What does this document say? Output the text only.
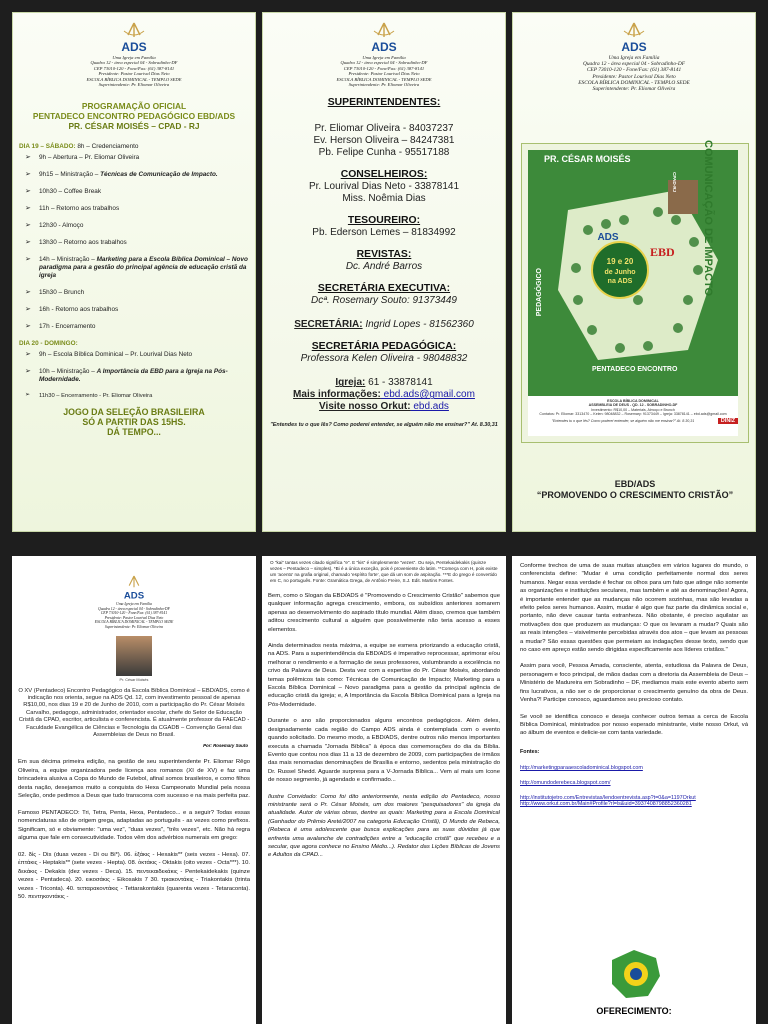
ADS
Uma Igreja em Família
Quadra 12 - área especial 04 - Sobradinho-DF
CEP 73010-120 - Fone/Fax: (61) 387-8141
Presidente: Pastor Lourival Dias Neto
ESCOLA BÍBLICA DOMINICAL - TEMPLO SEDE
Superintendente: Pr. Eliomar Oliveira
PROGRAMAÇÃO OFICIAL
PENTADECO ENCONTRO PEDAGÓGICO EBD/ADS
PR. CÉSAR MOISÉS – CPAD - RJ
DIA 19 – SÁBADO: 8h – Credenciamento
➢ 9h – Abertura – Pr. Eliomar Oliveira
➢ 9h15 – Ministração – Técnicas de Comunicação de Impacto.
➢ 10h30 – Coffee Break
➢ 11h – Retorno aos trabalhos
➢ 12h30 - Almoço
➢ 13h30 – Retorno aos trabalhos
➢ 14h – Ministração – Marketing para a Escola Bíblica Dominical – Novo paradigma para a gestão do principal agência de educação cristã da igreja
➢ 15h30 – Brunch
➢ 16h - Retorno aos trabalhos
➢ 17h - Encerramento
DIA 20 - DOMINGO:
➢ 9h – Escola Bíblica Dominical – Pr. Lourival Dias Neto
➢ 10h – Ministração – A Importância da EBD para a Igreja na Pós-Modernidade.
➢ 11h30 – Encerramento - Pr. Eliomar Oliveira
JOGO DA SELEÇÃO BRASILEIRA
SÓ A PARTIR DAS 15HS.
DÁ TEMPO...
ADS
Uma Igreja em Família
Quadra 12 - área especial 04 - Sobradinho-DF
CEP 73010-120 - Fone/Fax: (61) 387-8141
Presidente: Pastor Lourival Dias Neto
ESCOLA BÍBLICA DOMINICAL - TEMPLO SEDE
Superintendente: Pr. Eliomar Oliveira
SUPERINTENDENTES:
Pr. Eliomar Oliveira - 84037237
Ev. Herson Oliveira – 84247381
Pb. Felipe Cunha - 95517188
CONSELHEIROS:
Pr. Lourival Dias Neto - 33878141
Miss. Noêmia Dias
TESOUREIRO:
Pb. Ederson Lemes – 81834992
REVISTAS:
Dc. André Barros
SECRETÁRIA EXECUTIVA:
Dcª. Rosemary Souto: 91373449
SECRETÁRIA: Ingrid Lopes - 81562360
SECRETÁRIA PEDAGÓGICA:
Professora Kelen Oliveira - 98048832
Igreja: 61 - 33878141
Mais informações: ebd.ads@gmail.com
Visite nosso Orkut: ebd.ads
"Entendes tu o que lês? Como poderei entender, se alguém não me ensinar?" At. 8.30,31
ADS
Uma Igreja em Família
Quadra 12 - área especial 04 - Sobradinho-DF
CEP 73010-120 - Fone/Fax: (61) 387-8141
Presidente: Pastor Lourival Dias Neto
ESCOLA BÍBLICA DOMINICAL - TEMPLO SEDE
Superintendente: Pr. Eliomar Oliveira
19 e 20
de Junho
na ADS
ADS
EBD
PR. CÉSAR MOISÉS
CPAD-RJ COMUNICAÇÃO DE IMPACTO
PEDAGÓGICO
PENTADECO ENCONTRO
ESCOLA BÍBLICA DOMINICAL
ASSEMBLEIA DE DEUS - QD. 12 - SOBRADINHO-DF
Investimento: R$10,00 – Materiais, Almoço e Brunch
Contatos: Pr. Eliomar: 3313470 – Kelen: 98048832 – Rosemary: 91373449 – Igreja: 33878141 – ebd.ads@gmail.com
"Entendes tu o que lês? Como poderei entender, se alguém não me ensinar?" At. 8.30,31	DINIZ
EBD/ADS
“PROMOVENDO O CRESCIMENTO CRISTÃO”
ADS
Uma Igreja em Família
Quadra 12 - área especial 04 - Sobradinho-DF
CEP 73010-120 - Fone/Fax: (61) 387-8141
Presidente: Pastor Lourival Dias Neto
ESCOLA BÍBLICA DOMINICAL - TEMPLO SEDE
Superintendente: Pr. Eliomar Oliveira
Pr. César Moisés
O XV (Pentadeco) Encontro Pedagógico da Escola Bíblica Dominical – EBD/ADS, como é indicação nos orienta, segue na ADS Qd. 12, com investimento pessoal de apenas R$10,00, nos dias 19 e 20 de Junho de 2010, com a participação do Pr. César Moisés Carvalho, pedagogo, administrador, orientador escolar, chefe do Setor de Educação Cristã da CPAD, escritor, articulista e conferencista. É atualmente professor da FAECAD - Faculdade Evangélica de Ciências e Tecnologia da CGADB – Convenção Geral das Assembleias de Deus no Brasil.
Por: Rosemary Souto
Em sua décima primeira edição, na gestão de seu superintendente Pr. Eliomar Rêgo Oliveira, a equipe organizadora pede licença aos romanos (XI de XV) e faz uma brincadeira alusiva a Copa do Mundo de Futebol, afinal somos brasileiros, e como filhos desta nação, desejamos muito a conquista do Hexa Campeonato Mundial pela nossa Seleção, onde pedimos a Deus que tudo transcorra com sucesso e na mais perfeita paz.
Famoso PENTADECO: Tri, Tetra, Penta, Hexa, Pentadeco... e a seguir? Todas essas nomenclaturas são de origem grega, adaptadas ao português - as vezes como prefixos. Significam, só e obviamente: "uma vez", "duas vezes", "três vezes", etc. Não há regra alguma que fale em consecutividade. Todos vêm dos advérbios numerais em grego:
02. δίς - Dis (duas vezes - Di ou Bi*). 06. ἑξάκις - Hexakis** (seis vezes - Hexa). 07. ἑπτάκις - Heptakis** (sete vezes - Hepta). 08. ὀκτάκις - Oktakis (oito vezes - Octa***). 10. δεκάκις - Dekakis (dez vezes - Deca). 15. πεντεκαιδεκάκις - Pentekaidekakis (quinze vezes - Pentadeca). 20. εικοσάκις - Eikosakis 7 30. τριακοντάκις - Triakontakis (trinta vezes - Triconta). 40. τετταρακοντάκις - Tettarakontakis (quarenta vezes - Tetaraconta). 50. πεντηκοντάκις -
O "kai" tantas vezes citado significa "e". E "kis" é simplesmente "vezes". Ou seja, Pentekaidekakis (quinze vezes – Pentadeco – simples). *Bi é a única exceção, pois é proveniente do latim. **Começa com H, pois existe um 'acento' na grafia original, chamado 'espírito forte', que dá um som de aspiração. ***E do grego é convertido em C, no português. Fonte: Gramática Grega, de Antônio Freire, S.J. Edit. Martins Fontes.
Bem, como o Slogan da EBD/ADS é "Promovendo o Crescimento Cristão" sabemos que qualquer informação agrega crescimento, embora, os subsídios anteriores somarem apenas ao desenvolvimento do aspirado título mundial. Além disso, cremos que também aditou crescimento cultural a alguém que possivelmente não teria acesso a esses elementos.
Ainda determinados nesta máxima, a equipe se esmera priorizando a educação cristã, na ADS. Para a superintendência da EBD/ADS é imperativo reprocessar, aprimorar e/ou melhorar o rendimento e a formação de seus professores, vislumbrando a excelência no crivo da Palavra de Deus. Desta vez com a expertise do Pr. César Moisés, abordando temas polêmicos tais como: Técnicas de Comunicação de Impacto; Marketing para a Escola Bíblica Dominical – Novo paradigma para a gestão da principal agência de educação cristã da igreja; e, A Importância da Escola Bíblica Dominical para a Igreja na Pós-Modernidade.
Durante o ano são proporcionados alguns encontros pedagógicos. Além deles, designadamente cada região do Campo ADS ainda é contemplada com o evento quando solicitado. Do mesmo modo, a EBD/ADS, dentre outros não menos importantes executa a chamada "Jornada Bíblica" à época das comemorações do dia da Bíblia. Evento que contou nos dias 11 a 13 de dezembro de 2009, com participações de irmãos das mais renomadas denominações de Brasília e entorno, sedentos pela ministração do Dr. Russel Shedd. Aguarde surpresa para a V-Jornada Bíblica... Vem aí mais um ícone de nosso segmento, já agendado e confirmado...
Ilustre Convidado: Como foi dito anteriormente, nesta edição do Pentadeco, nosso ministrante será o Pr. César Moisés, um dos maiores "pesquisadores" da igreja da atualidade. Autor de várias obras, dentre as quais: Marketing para a Escola Dominical (Ganhador do Prêmio Areté/2007 na categoria Educação Cristã), O Mundo de Rebeca, (Rebeca é uma adolescente que busca explicações para as suas dúvidas já que enfrenta uma avalanche de contradições entre a "educação cristã" que recebeu e a secular, que agora conhece no Ensino Médio...). Redator das Lições Bíblicas de Jovens e Adultos da CPAD...
Conforme trechos de uma de suas muitas atuações em vários lugares do mundo, o conferencista define: "Mudar é uma condição perfeitamente normal dos seres humanos. Negar essa verdade é fechar os olhos para um fato que atinge não somente as organizações e instituições seculares, mas também e até as denominações! Agora, é importante entender que as mudanças não ocorrem sozinhas, mas são levadas a efeito pelos seres humanos. Assim, mudar é algo que faz parte da dinâmica social e, portanto, não deve causar tanta estranheza. Não obstante, é preciso aquilatar as motivações dos que produzem as mudanças: O que os levaram a mudar? Quais são as reais intenções – visivelmente percebidas através dos atos – que levam as pessoas a mudar? São essas questões que permeiam as indagações desse texto, sendo que no caso em apreço estão sendo dirigidas especificamente aos líderes cristãos."
Assim para você, Pessoa Amada, consciente, atenta, estudiosa da Palavra de Deus, personagem e foco principal, de mãos dadas com a diretoria da Assembleia de Deus – Ministério de Madureira em Sobradinho – DF, mediamos mais este evento aberto sem fins lucrativos, a não ser o de proporcionar o crescimento genuíno da obra de Deus. Venha?! Participe conosco, aguardamos seu precioso contato.
Se você se identifica conosco e deseja conhecer outros temas a cerca de Escola Bíblica Dominical, ministrados por nosso esperado ministrante, visite nosso Orkut, vá ao álbum de eventos e delicie-se com tanta variedade.
Fontes:
http://marketingparaaescoladominical.blogspot.com
http://omundoderebeca.blogspot.com/
http://institutojetro.com/Entrevistas/lendoentrevista.asp?t=0&a=1197Orkut http://www.orkut.com.br/Main#Profile?rl=ls&uid=3937408798852360281
OFERECIMENTO:
